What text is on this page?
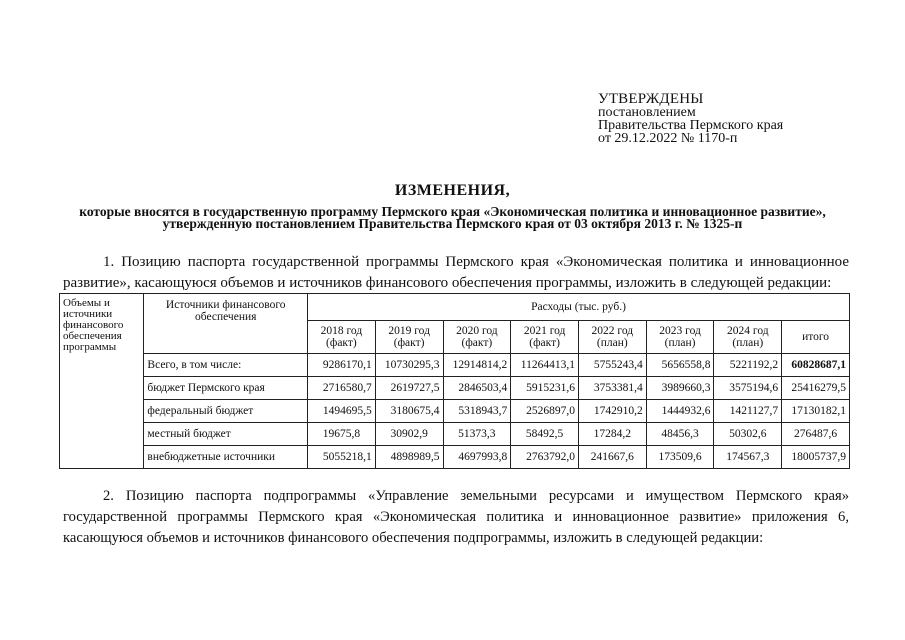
УТВЕРЖДЕНЫ
постановлением
Правительства Пермского края
от 29.12.2022 № 1170-п
ИЗМЕНЕНИЯ,
которые вносятся в государственную программу Пермского края «Экономическая политика и инновационное развитие», утвержденную постановлением Правительства Пермского края от 03 октября 2013 г. № 1325-п
1. Позицию паспорта государственной программы Пермского края «Экономическая политика и инновационное развитие», касающуюся объемов и источников финансового обеспечения программы, изложить в следующей редакции:
Объемы и источники финансового обеспечения программы	Источники финансового обеспечения	Расходы (тыс. руб.)							
		2018 год (факт)	2019 год (факт)	2020 год (факт)	2021 год (факт)	2022 год (план)	2023 год (план)	2024 год (план)	итого
	Всего, в том числе:	9286170,1	10730295,3	12914814,2	11264413,1	5755243,4	5656558,8	5221192,2	60828687,1
	бюджет Пермского края	2716580,7	2619727,5	2846503,4	5915231,6	3753381,4	3989660,3	3575194,6	25416279,5
	федеральный бюджет	1494695,5	3180675,4	5318943,7	2526897,0	1742910,2	1444932,6	1421127,7	17130182,1
	местный бюджет	19675,8	30902,9	51373,3	58492,5	17284,2	48456,3	50302,6	276487,6
	внебюджетные источники	5055218,1	4898989,5	4697993,8	2763792,0	241667,6	173509,6	174567,3	18005737,9
2. Позицию паспорта подпрограммы «Управление земельными ресурсами и имуществом Пермского края» государственной программы Пермского края «Экономическая политика и инновационное развитие» приложения 6, касающуюся объемов и источников финансового обеспечения подпрограммы, изложить в следующей редакции:
